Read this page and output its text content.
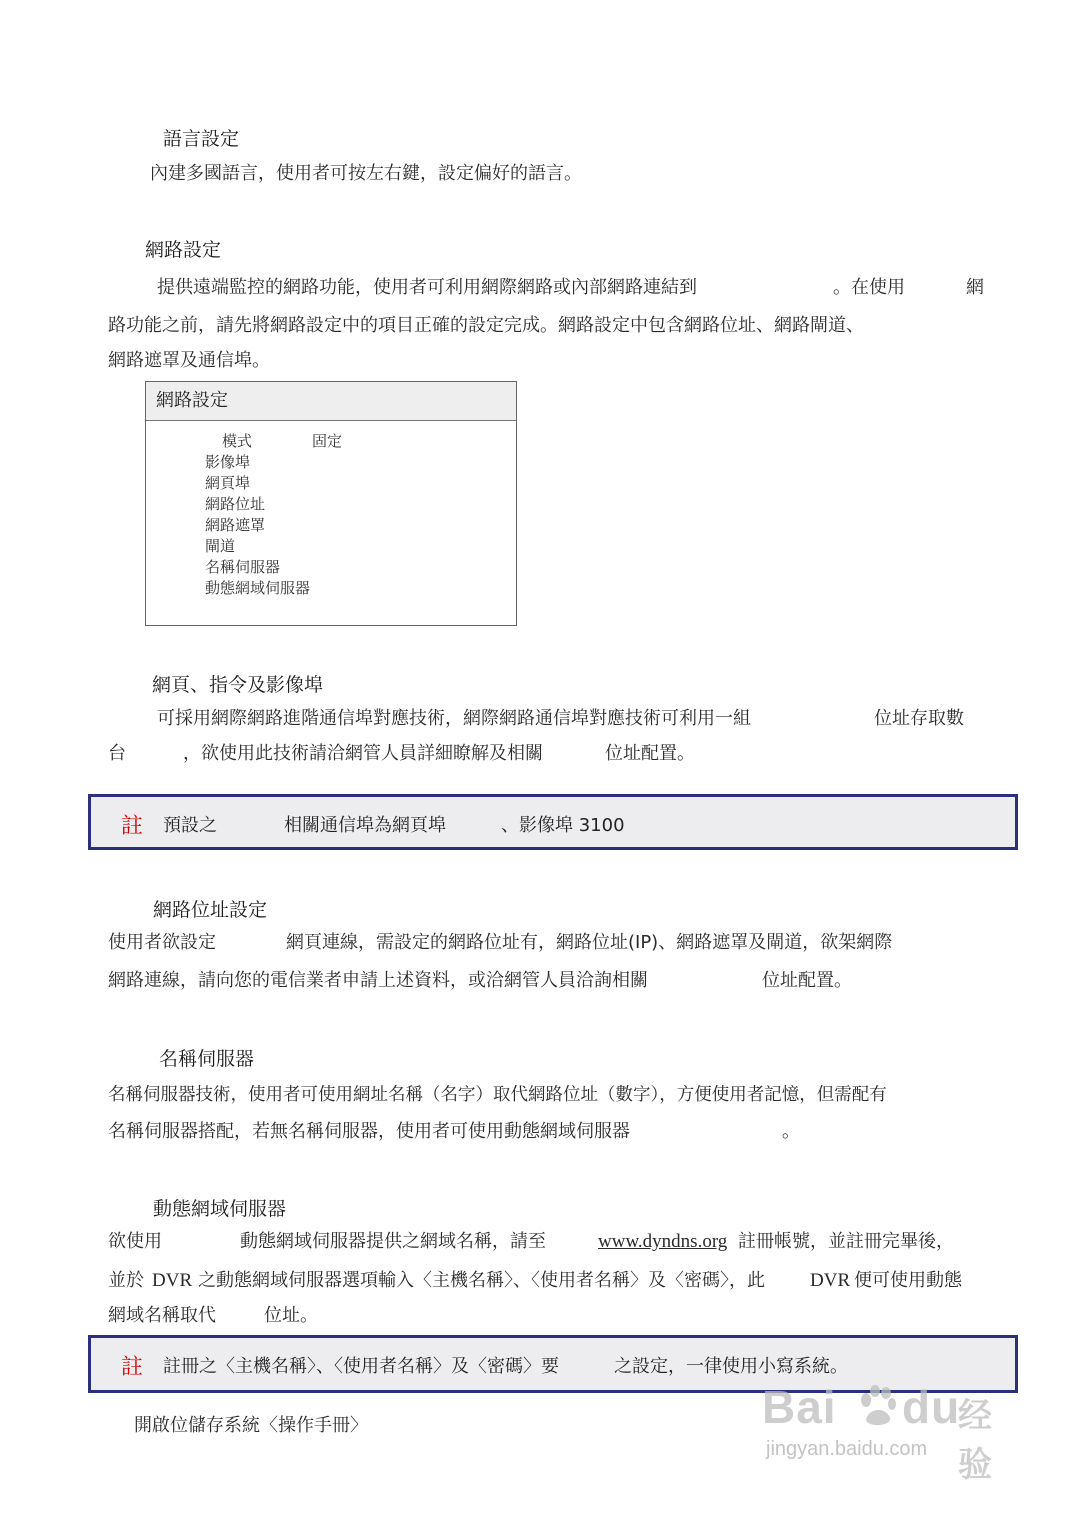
語言設定
內建多國語言，使用者可按左右鍵，設定偏好的語言。
網路設定
提供遠端監控的網路功能，使用者可利用網際網路或內部網路連結到	。在使用	網
路功能之前，請先將網路設定中的項目正確的設定完成。網路設定中包含網路位址、網路閘道、
網路遮罩及通信埠。
網路設定
模式	固定
影像埠
網頁埠
網路位址
網路遮罩
閘道
名稱伺服器
動態網域伺服器
網頁、指令及影像埠
可採用網際網路進階通信埠對應技術，網際網路通信埠對應技術可利用一組	位址存取數
台	，欲使用此技術請洽網管人員詳細瞭解及相關	位址配置。
註 預設之	相關通信埠為網頁埠	、影像埠 3100
網路位址設定
使用者欲設定	網頁連線，需設定的網路位址有，網路位址(IP)、網路遮罩及閘道，欲架網際
網路連線，請向您的電信業者申請上述資料，或洽網管人員洽詢相關	位址配置。
名稱伺服器
名稱伺服器技術，使用者可使用網址名稱（名字）取代網路位址（數字），方便使用者記憶，但需配有
名稱伺服器搭配，若無名稱伺服器，使用者可使用動態網域伺服器	。
動態網域伺服器
欲使用	動態網域伺服器提供之網域名稱，請至	www.dyndns.org 註冊帳號，並註冊完畢後，
並於 DVR 之動態網域伺服器選項輸入〈主機名稱〉、〈使用者名稱〉及〈密碼〉，此 DVR 便可使用動態
網域名稱取代	位址。
註 註冊之〈主機名稱〉、〈使用者名稱〉及〈密碼〉要	之設定，一律使用小寫系統。
開啟位儲存系統〈操作手冊〉	Bai du
经验
jingyan.baidu.com
